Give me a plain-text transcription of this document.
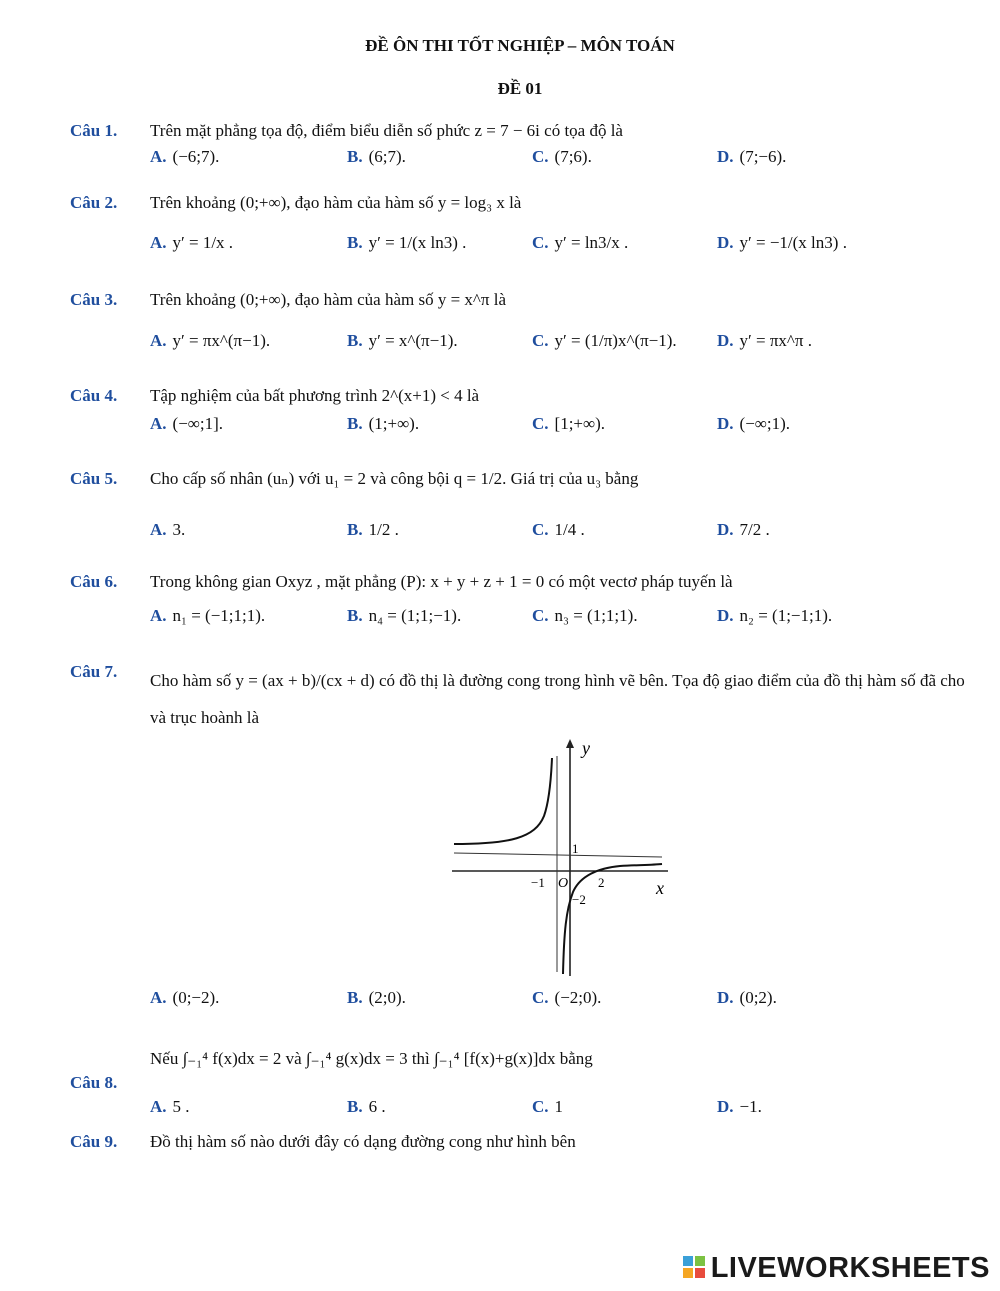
ĐỀ ÔN THI TỐT NGHIỆP – MÔN TOÁN
ĐỀ 01
Câu 1. Trên mặt phẳng tọa độ, điểm biểu diễn số phức z = 7 − 6i có tọa độ là
A. (−6;7).	B. (6;7).	C. (7;6).	D. (7;−6).
Câu 2. Trên khoảng (0;+∞), đạo hàm của hàm số y = log₃ x là
A. y′ = 1/x .	B. y′ = 1/(x ln3) .	C. y′ = ln3/x .	D. y′ = −1/(x ln3) .
Câu 3. Trên khoảng (0;+∞), đạo hàm của hàm số y = x^π là
A. y′ = πx^(π−1).	B. y′ = x^(π−1).	C. y′ = (1/π)x^(π−1). D. y′ = πx^π .
Câu 4. Tập nghiệm của bất phương trình 2^(x+1) < 4 là
A. (−∞;1].	B. (1;+∞).	C. [1;+∞).	D. (−∞;1).
Câu 5. Cho cấp số nhân (uₙ) với u₁ = 2 và công bội q = 1/2. Giá trị của u₃ bằng
A. 3.	B. 1/2 .	C. 1/4 .	D. 7/2 .
Câu 6. Trong không gian Oxyz , mặt phẳng (P): x + y + z + 1 = 0 có một vectơ pháp tuyến là
A. n₁ = (−1;1;1).	B. n₄ = (1;1;−1).	C. n₃ = (1;1;1).	D. n₂ = (1;−1;1).
Câu 7. Cho hàm số y = (ax + b)/(cx + d) có đồ thị là đường cong trong hình vẽ bên. Tọa độ giao điểm của đồ thị hàm số đã cho và trục hoành là
y
x
O
1
−1	2
−2
A. (0;−2).	B. (2;0).	C. (−2;0).	D. (0;2).
Câu 8.
Nếu ∫₋₁⁴ f(x)dx = 2 và ∫₋₁⁴ g(x)dx = 3 thì ∫₋₁⁴ [f(x)+g(x)]dx bằng
A. 5 .	B. 6 .	C. 1	D. −1.
Câu 9. Đồ thị hàm số nào dưới đây có dạng đường cong như hình bên
LIVEWORKSHEETS
